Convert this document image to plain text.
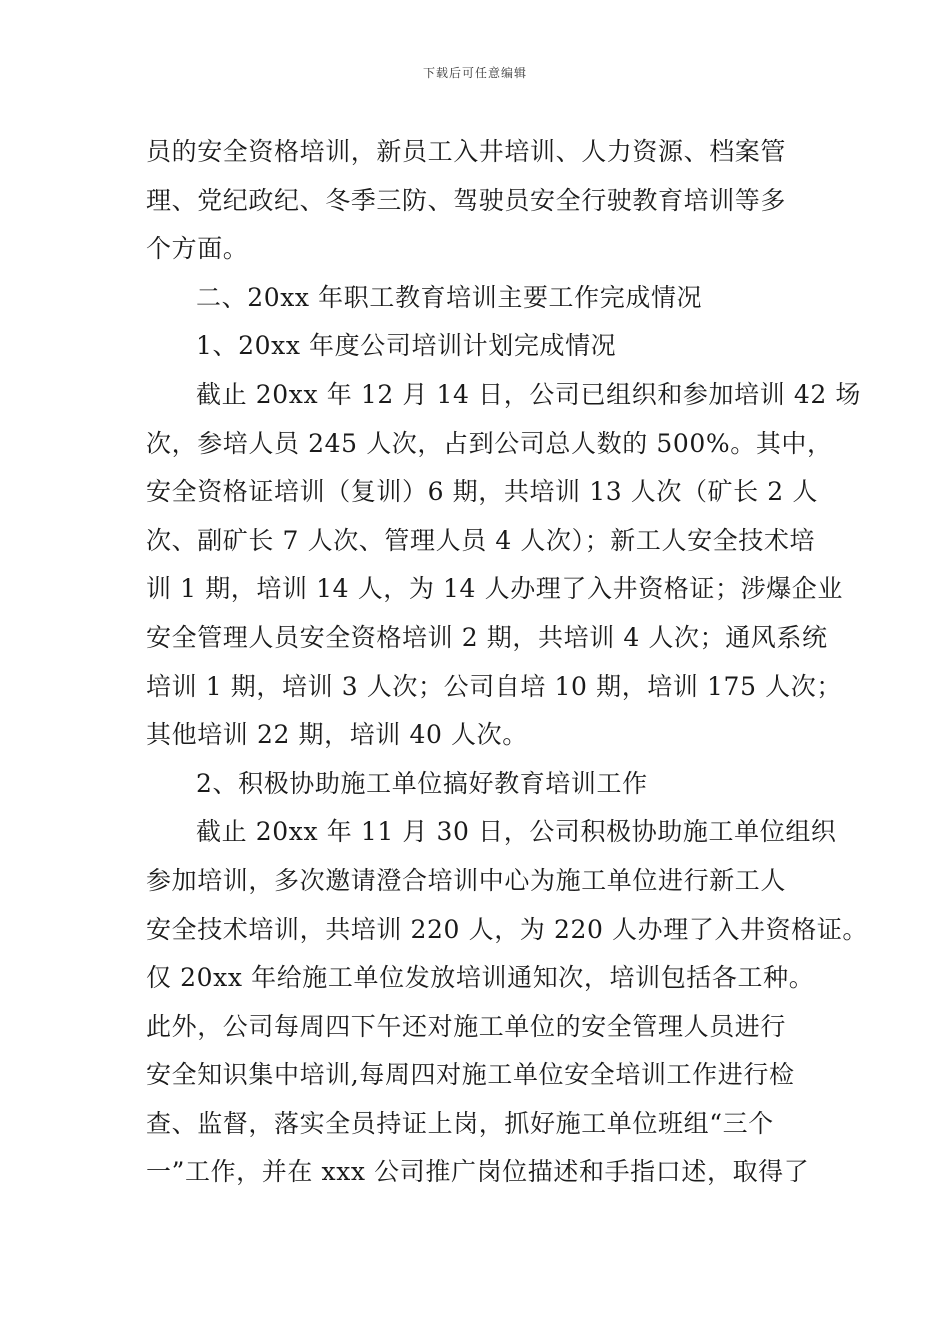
下载后可任意编辑
员的安全资格培训，新员工入井培训、人力资源、档案管
理、党纪政纪、冬季三防、驾驶员安全行驶教育培训等多
个方面。
二、20xx 年职工教育培训主要工作完成情况
1、20xx 年度公司培训计划完成情况
截止 20xx 年 12 月 14 日，公司已组织和参加培训 42 场
次，参培人员 245 人次，占到公司总人数的 500%。其中，
安全资格证培训（复训）6 期，共培训 13 人次（矿长 2 人
次、副矿长 7 人次、管理人员 4 人次）；新工人安全技术培
训 1 期，培训 14 人，为 14 人办理了入井资格证；涉爆企业
安全管理人员安全资格培训 2 期，共培训 4 人次；通风系统
培训 1 期，培训 3 人次；公司自培 10 期，培训 175 人次；
其他培训 22 期，培训 40 人次。
2、积极协助施工单位搞好教育培训工作
截止 20xx 年 11 月 30 日，公司积极协助施工单位组织
参加培训，多次邀请澄合培训中心为施工单位进行新工人
安全技术培训，共培训 220 人，为 220 人办理了入井资格证。
仅 20xx 年给施工单位发放培训通知次，培训包括各工种。
此外，公司每周四下午还对施工单位的安全管理人员进行
安全知识集中培训,每周四对施工单位安全培训工作进行检
查、监督，落实全员持证上岗，抓好施工单位班组“三个
一”工作，并在 xxx 公司推广岗位描述和手指口述，取得了
